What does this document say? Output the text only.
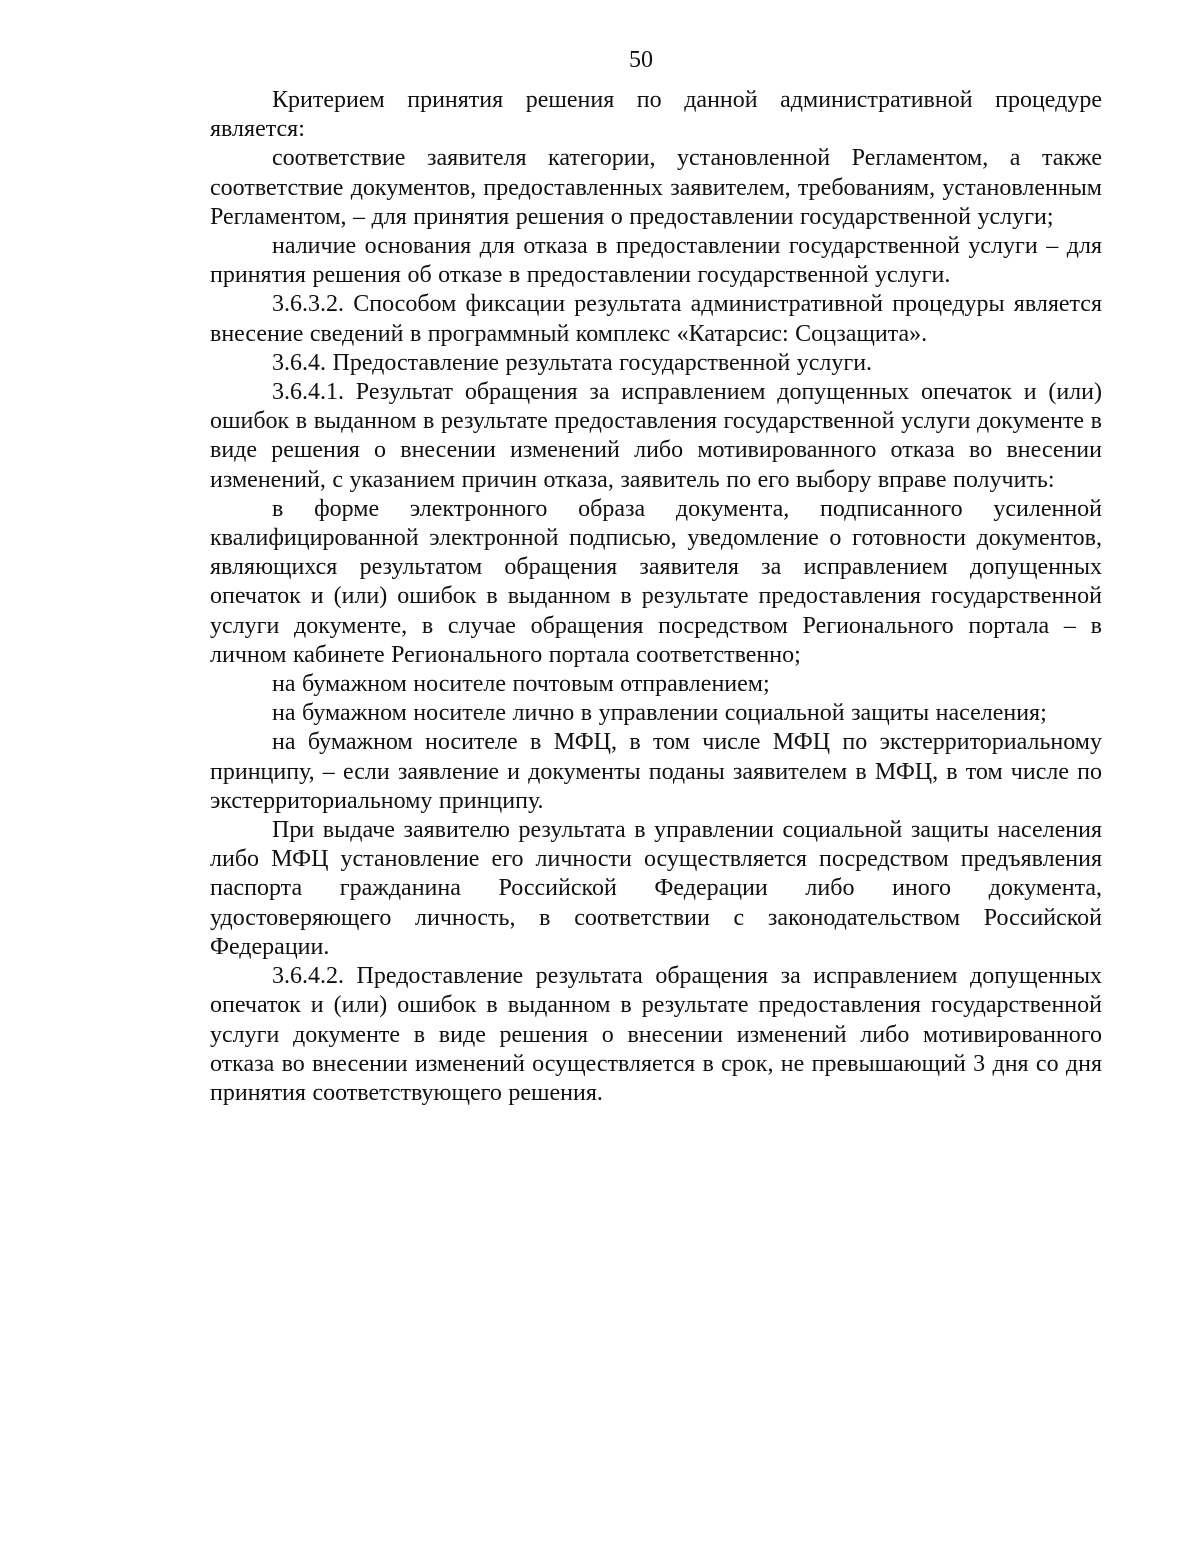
50

Критерием принятия решения по данной административной процедуре является:

соответствие заявителя категории, установленной Регламентом, а также соответствие документов, предоставленных заявителем, требованиям, установленным Регламентом, – для принятия решения о предоставлении государственной услуги;

наличие основания для отказа в предоставлении государственной услуги – для принятия решения об отказе в предоставлении государственной услуги.

3.6.3.2. Способом фиксации результата административной процедуры является внесение сведений в программный комплекс «Катарсис: Соцзащита».

3.6.4. Предоставление результата государственной услуги.

3.6.4.1. Результат обращения за исправлением допущенных опечаток и (или) ошибок в выданном в результате предоставления государственной услуги документе в виде решения о внесении изменений либо мотивированного отказа во внесении изменений, с указанием причин отказа, заявитель по его выбору вправе получить:

в форме электронного образа документа, подписанного усиленной квалифицированной электронной подписью, уведомление о готовности документов, являющихся результатом обращения заявителя за исправлением допущенных опечаток и (или) ошибок в выданном в результате предоставления государственной услуги документе, в случае обращения посредством Регионального портала – в личном кабинете Регионального портала соответственно;

на бумажном носителе почтовым отправлением;

на бумажном носителе лично в управлении социальной защиты населения;

на бумажном носителе в МФЦ, в том числе МФЦ по экстерриториальному принципу, – если заявление и документы поданы заявителем в МФЦ, в том числе по экстерриториальному принципу.

При выдаче заявителю результата в управлении социальной защиты населения либо МФЦ установление его личности осуществляется посредством предъявления паспорта гражданина Российской Федерации либо иного документа, удостоверяющего личность, в соответствии с законодательством Российской Федерации.

3.6.4.2. Предоставление результата обращения за исправлением допущенных опечаток и (или) ошибок в выданном в результате предоставления государственной услуги документе в виде решения о внесении изменений либо мотивированного отказа во внесении изменений осуществляется в срок, не превышающий 3 дня со дня принятия соответствующего решения.
